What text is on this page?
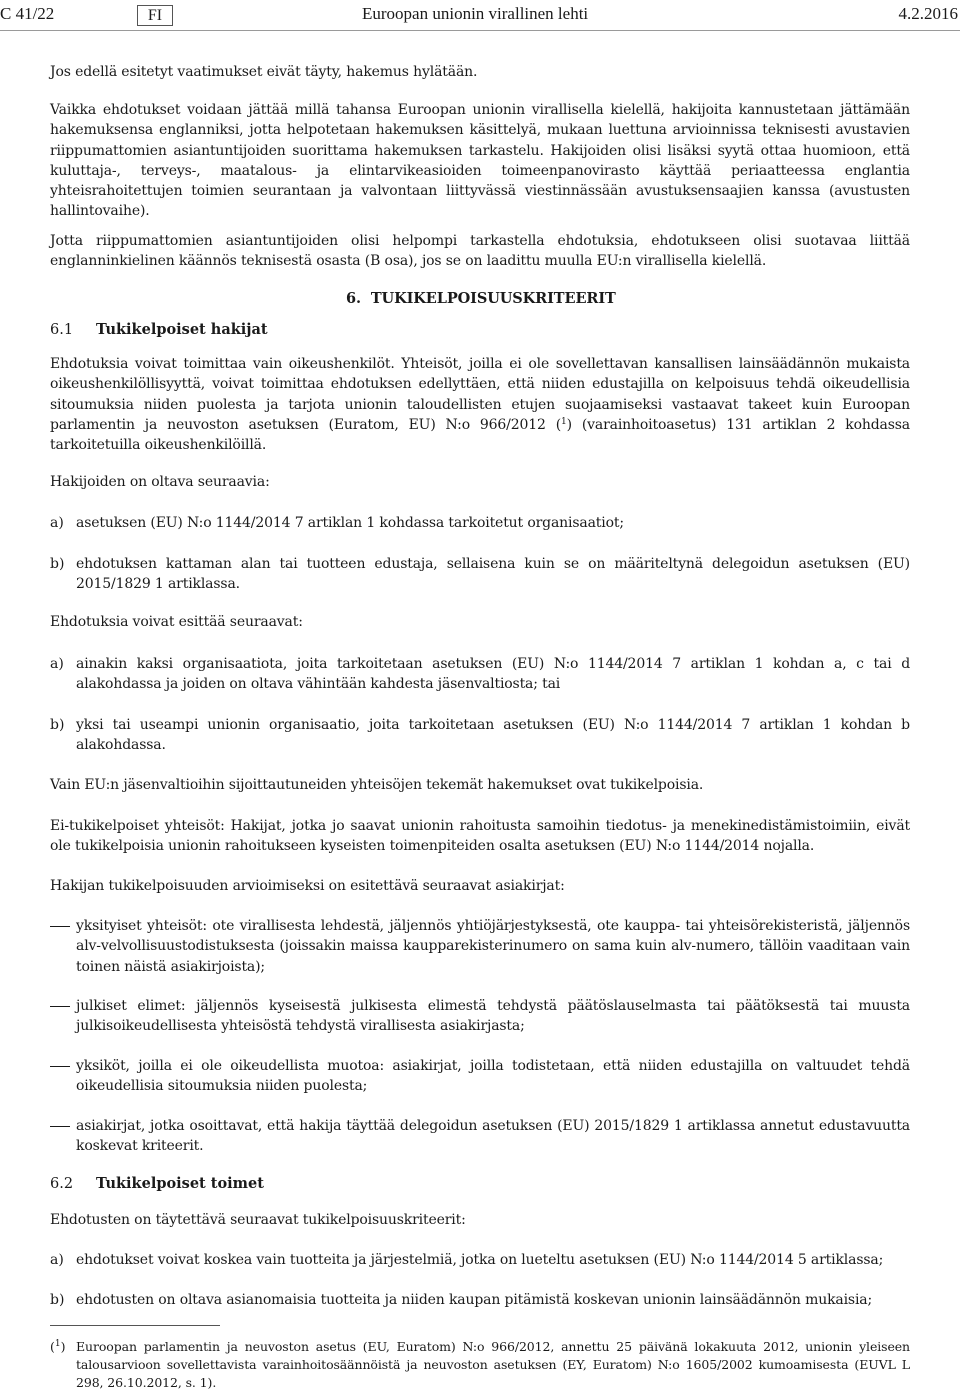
C 41/22	FI	Euroopan unionin virallinen lehti	4.2.2016
Jos edellä esitetyt vaatimukset eivät täyty, hakemus hylätään.
Vaikka ehdotukset voidaan jättää millä tahansa Euroopan unionin virallisella kielellä, hakijoita kannustetaan jättämään hakemuksensa englanniksi, jotta helpotetaan hakemuksen käsittelyä, mukaan luettuna arvioinnissa teknisesti avustavien riippumattomien asiantuntijoiden suorittama hakemuksen tarkastelu. Hakijoiden olisi lisäksi syytä ottaa huomioon, että kuluttaja-, terveys-, maatalous- ja elintarvikeasioiden toimeenpanovirasto käyttää periaatteessa englantia yhteisrahoitettujen toimien seurantaan ja valvontaan liittyvässä viestinnässään avustuksensaajien kanssa (avustusten hallintovaihe).
Jotta riippumattomien asiantuntijoiden olisi helpompi tarkastella ehdotuksia, ehdotukseen olisi suotavaa liittää englanninkielinen käännös teknisestä osasta (B osa), jos se on laadittu muulla EU:n virallisella kielellä.
6. TUKIKELPOISUUSKRITEERIT
6.1 Tukikelpoiset hakijat
Ehdotuksia voivat toimittaa vain oikeushenkilöt. Yhteisöt, joilla ei ole sovellettavan kansallisen lainsäädännön mukaista oikeushenkilöllisyyttä, voivat toimittaa ehdotuksen edellyttäen, että niiden edustajilla on kelpoisuus tehdä oikeudellisia sitoumuksia niiden puolesta ja tarjota unionin taloudellisten etujen suojaamiseksi vastaavat takeet kuin Euroopan parlamentin ja neuvoston asetuksen (Euratom, EU) N:o 966/2012 ($^1$) (varainhoitoasetus) 131 artiklan 2 kohdassa tarkoitetuilla oikeushenkilöillä.
Hakijoiden on oltava seuraavia:
a) asetuksen (EU) N:o 1144/2014 7 artiklan 1 kohdassa tarkoitetut organisaatiot;
b) ehdotuksen kattaman alan tai tuotteen edustaja, sellaisena kuin se on määriteltynä delegoidun asetuksen (EU) 2015/1829 1 artiklassa.
Ehdotuksia voivat esittää seuraavat:
a) ainakin kaksi organisaatiota, joita tarkoitetaan asetuksen (EU) N:o 1144/2014 7 artiklan 1 kohdan a, c tai d alakohdassa ja joiden on oltava vähintään kahdesta jäsenvaltiosta; tai
b) yksi tai useampi unionin organisaatio, joita tarkoitetaan asetuksen (EU) N:o 1144/2014 7 artiklan 1 kohdan b alakohdassa.
Vain EU:n jäsenvaltioihin sijoittautuneiden yhteisöjen tekemät hakemukset ovat tukikelpoisia.
Ei-tukikelpoiset yhteisöt: Hakijat, jotka jo saavat unionin rahoitusta samoihin tiedotus- ja menekinedistämistoimiin, eivät ole tukikelpoisia unionin rahoitukseen kyseisten toimenpiteiden osalta asetuksen (EU) N:o 1144/2014 nojalla.
Hakijan tukikelpoisuuden arvioimiseksi on esitettävä seuraavat asiakirjat:
yksityiset yhteisöt: ote virallisesta lehdestä, jäljennös yhtiöjärjestyksestä, ote kauppa- tai yhteisörekisteristä, jäljennös alv-velvollisuustodistuksesta (joissakin maissa kaupparekisterinumero on sama kuin alv-numero, tällöin vaaditaan vain toinen näistä asiakirjoista);
julkiset elimet: jäljennös kyseisestä julkisesta elimestä tehdystä päätöslauselmasta tai päätöksestä tai muusta julkisoikeudellisesta yhteisöstä tehdystä virallisesta asiakirjasta;
yksiköt, joilla ei ole oikeudellista muotoa: asiakirjat, joilla todistetaan, että niiden edustajilla on valtuudet tehdä oikeudellisia sitoumuksia niiden puolesta;
asiakirjat, jotka osoittavat, että hakija täyttää delegoidun asetuksen (EU) 2015/1829 1 artiklassa annetut edustavuutta koskevat kriteerit.
6.2 Tukikelpoiset toimet
Ehdotusten on täytettävä seuraavat tukikelpoisuuskriteerit:
a) ehdotukset voivat koskea vain tuotteita ja järjestelmiä, jotka on lueteltu asetuksen (EU) N:o 1144/2014 5 artiklassa;
b) ehdotusten on oltava asianomaisia tuotteita ja niiden kaupan pitämistä koskevan unionin lainsäädännön mukaisia;
($^1$) Euroopan parlamentin ja neuvoston asetus (EU, Euratom) N:o 966/2012, annettu 25 päivänä lokakuuta 2012, unionin yleiseen talousarvioon sovellettavista varainhoitosäännöistä ja neuvoston asetuksen (EY, Euratom) N:o 1605/2002 kumoamisesta (EUVL L 298, 26.10.2012, s. 1).
